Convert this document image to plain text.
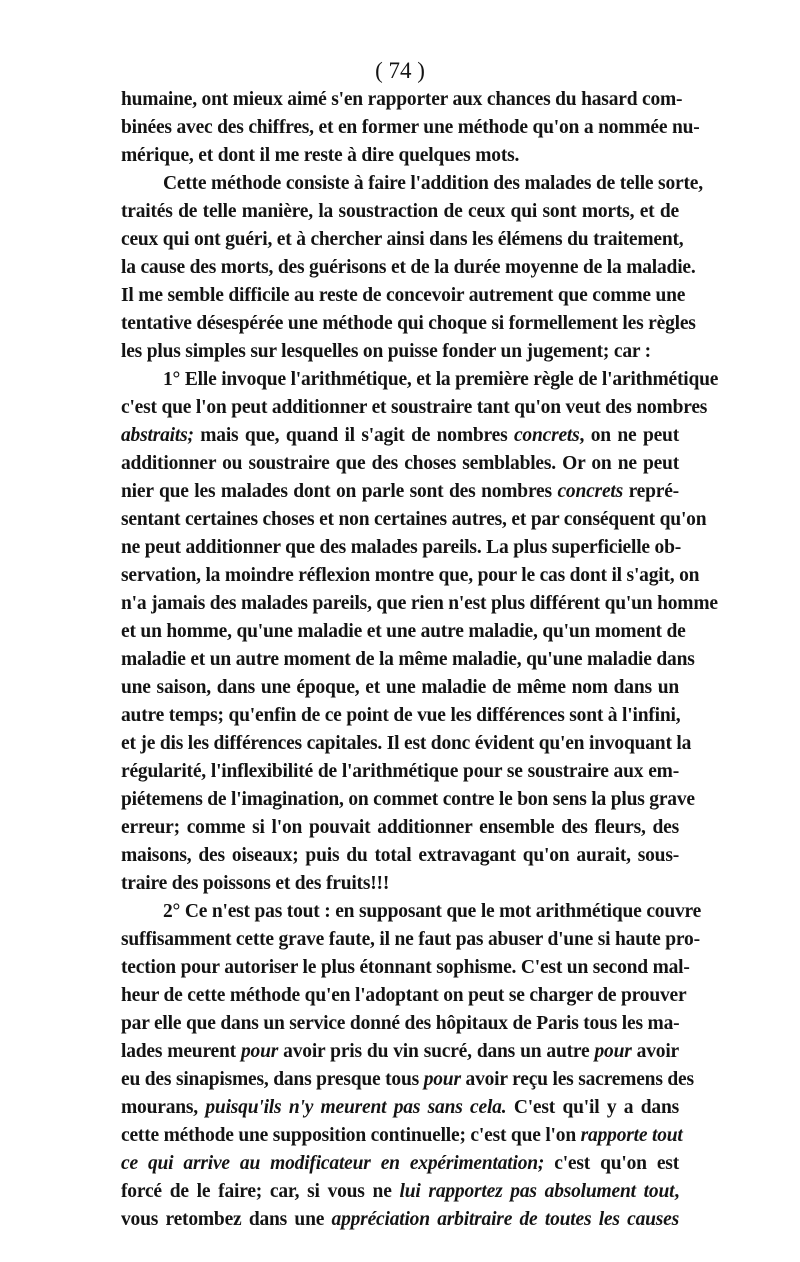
( 74 )
humaine, ont mieux aimé s'en rapporter aux chances du hasard com-
binées avec des chiffres, et en former une méthode qu'on a nommée nu-
mérique, et dont il me reste à dire quelques mots.
Cette méthode consiste à faire l'addition des malades de telle sorte,
traités de telle manière, la soustraction de ceux qui sont morts, et de
ceux qui ont guéri, et à chercher ainsi dans les élémens du traitement,
la cause des morts, des guérisons et de la durée moyenne de la maladie.
Il me semble difficile au reste de concevoir autrement que comme une
tentative désespérée une méthode qui choque si formellement les règles
les plus simples sur lesquelles on puisse fonder un jugement; car :
1° Elle invoque l'arithmétique, et la première règle de l'arithmétique
c'est que l'on peut additionner et soustraire tant qu'on veut des nombres
abstraits; mais que, quand il s'agit de nombres concrets, on ne peut
additionner ou soustraire que des choses semblables. Or on ne peut
nier que les malades dont on parle sont des nombres concrets repré-
sentant certaines choses et non certaines autres, et par conséquent qu'on
ne peut additionner que des malades pareils. La plus superficielle ob-
servation, la moindre réflexion montre que, pour le cas dont il s'agit, on
n'a jamais des malades pareils, que rien n'est plus différent qu'un homme
et un homme, qu'une maladie et une autre maladie, qu'un moment de
maladie et un autre moment de la même maladie, qu'une maladie dans
une saison, dans une époque, et une maladie de même nom dans un
autre temps; qu'enfin de ce point de vue les différences sont à l'infini,
et je dis les différences capitales. Il est donc évident qu'en invoquant la
régularité, l'inflexibilité de l'arithmétique pour se soustraire aux em-
piétemens de l'imagination, on commet contre le bon sens la plus grave
erreur; comme si l'on pouvait additionner ensemble des fleurs, des
maisons, des oiseaux; puis du total extravagant qu'on aurait, sous-
traire des poissons et des fruits!!!
2° Ce n'est pas tout : en supposant que le mot arithmétique couvre
suffisamment cette grave faute, il ne faut pas abuser d'une si haute pro-
tection pour autoriser le plus étonnant sophisme. C'est un second mal-
heur de cette méthode qu'en l'adoptant on peut se charger de prouver
par elle que dans un service donné des hôpitaux de Paris tous les ma-
lades meurent pour avoir pris du vin sucré, dans un autre pour avoir
eu des sinapismes, dans presque tous pour avoir reçu les sacremens des
mourans, puisqu'ils n'y meurent pas sans cela. C'est qu'il y a dans
cette méthode une supposition continuelle; c'est que l'on rapporte tout
ce qui arrive au modificateur en expérimentation; c'est qu'on est
forcé de le faire; car, si vous ne lui rapportez pas absolument tout,
vous retombez dans une appréciation arbitraire de toutes les causes
